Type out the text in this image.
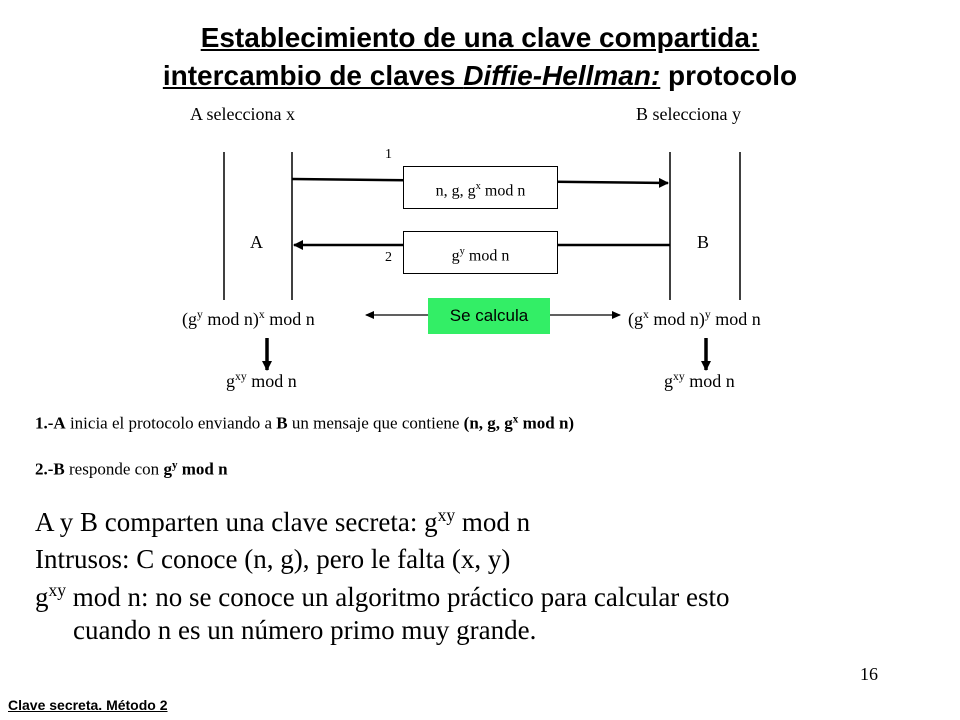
Establecimiento de una clave compartida:
intercambio de claves Diffie-Hellman: protocolo
A selecciona x	B selecciona y
1
2
n, g, $g^x$ mod n
$g^y$ mod n
A	B
Se calcula
($g^y$ mod n)$^x$ mod n	($g^x$ mod n)$^y$ mod n
$g^{xy}$ mod n	$g^{xy}$ mod n
1.-A inicia el protocolo enviando a B un mensaje que contiene (n, g, $g^x$ mod n)
2.-B responde con $g^y$ mod n
A y B comparten una clave secreta: $g^{xy}$ mod n
Intrusos: C conoce (n, g), pero le falta (x, y)
$g^{xy}$ mod n: no se conoce un algoritmo práctico para calcular esto
cuando n es un número primo muy grande.
16
Clave secreta. Método 2
